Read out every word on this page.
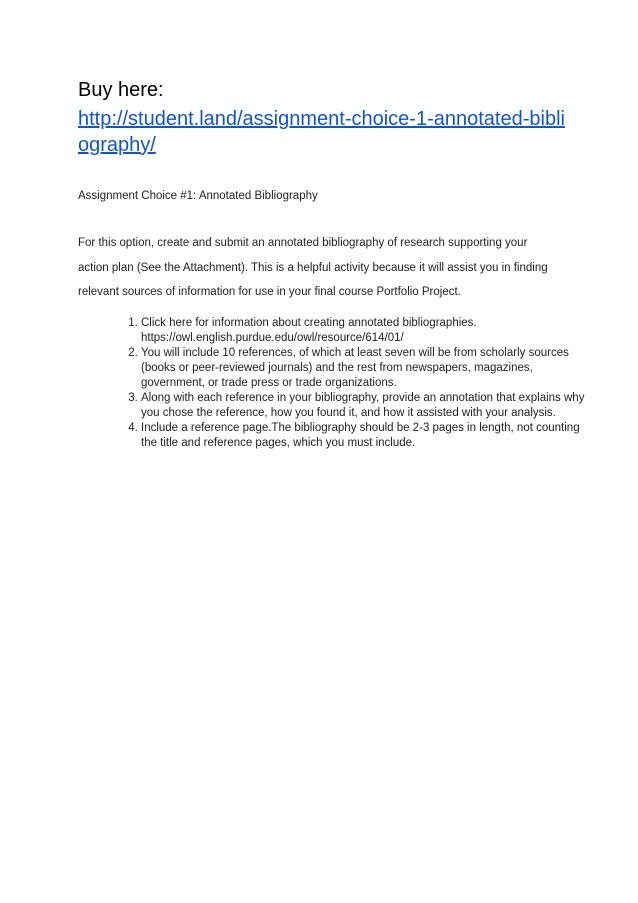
Buy here:
http://student.land/assignment-choice-1-annotated-bibliography/

Assignment Choice #1: Annotated Bibliography

For this option, create and submit an annotated bibliography of research supporting your action plan (See the Attachment). This is a helpful activity because it will assist you in finding relevant sources of information for use in your final course Portfolio Project.

1. Click here for information about creating annotated bibliographies. https://owl.english.purdue.edu/owl/resource/614/01/
2. You will include 10 references, of which at least seven will be from scholarly sources (books or peer-reviewed journals) and the rest from newspapers, magazines, government, or trade press or trade organizations.
3. Along with each reference in your bibliography, provide an annotation that explains why you chose the reference, how you found it, and how it assisted with your analysis.
4. Include a reference page.The bibliography should be 2-3 pages in length, not counting the title and reference pages, which you must include.
